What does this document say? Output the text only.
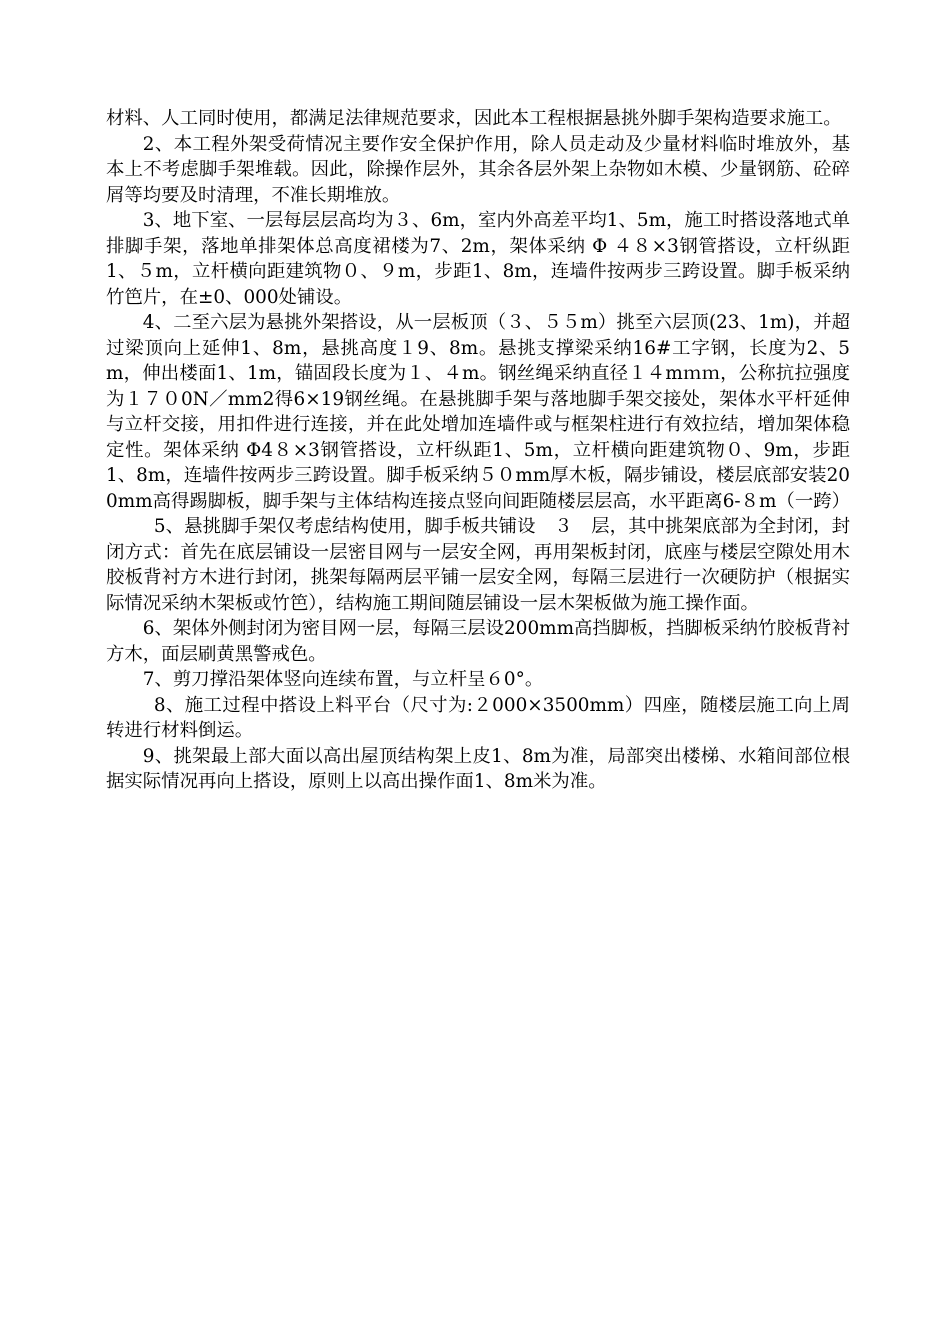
材料、人工同时使用，都满足法律规范要求，因此本工程根据悬挑外脚手架构造要求施工。

2、本工程外架受荷情况主要作安全保护作用，除人员走动及少量材料临时堆放外，基本上不考虑脚手架堆载。因此，除操作层外，其余各层外架上杂物如木模、少量钢筋、砼碎屑等均要及时清理，不准长期堆放。

3、地下室、一层每层层高均为３、6m，室内外高差平均1、5m，施工时搭设落地式单排脚手架，落地单排架体总高度裙楼为7、2m，架体采纳 Φ ４８×3钢管搭设，立杆纵距1、５m，立杆横向距建筑物０、９m，步距1、8m，连墙件按两步三跨设置。脚手板采纳竹笆片，在±0、000处铺设。

4、二至六层为悬挑外架搭设，从一层板顶（３、５５m）挑至六层顶(23、1m)，并超过梁顶向上延伸1、8m，悬挑高度１9、8m。悬挑支撑梁采纳16#工字钢，长度为2、5m，伸出楼面1、1m，锚固段长度为１、４m。钢丝绳采纳直径１４mｍｍ，公称抗拉强度为１７０0N／mm2得6×19钢丝绳。在悬挑脚手架与落地脚手架交接处，架体水平杆延伸与立杆交接，用扣件进行连接，并在此处增加连墙件或与框架柱进行有效拉结，增加架体稳定性。架体采纳 Φ4８×3钢管搭设，立杆纵距1、5m，立杆横向距建筑物０、9m，步距1、8m，连墙件按两步三跨设置。脚手板采纳５０mm厚木板，隔步铺设，楼层底部安装200mm高得踢脚板，脚手架与主体结构连接点竖向间距随楼层层高，水平距离6-８m（一跨）

5、悬挑脚手架仅考虑结构使用，脚手板共铺设　３　层，其中挑架底部为全封闭，封闭方式：首先在底层铺设一层密目网与一层安全网，再用架板封闭，底座与楼层空隙处用木胶板背衬方木进行封闭，挑架每隔两层平铺一层安全网，每隔三层进行一次硬防护（根据实际情况采纳木架板或竹笆），结构施工期间随层铺设一层木架板做为施工操作面。

6、架体外侧封闭为密目网一层，每隔三层设200mm高挡脚板，挡脚板采纳竹胶板背衬方木，面层刷黄黑警戒色。

7、剪刀撑沿架体竖向连续布置，与立杆呈６0°。

8、施工过程中搭设上料平台（尺寸为:２000×3500mm）四座，随楼层施工向上周转进行材料倒运。

9、挑架最上部大面以高出屋顶结构架上皮1、8m为准，局部突出楼梯、水箱间部位根据实际情况再向上搭设，原则上以高出操作面1、8m米为准。
